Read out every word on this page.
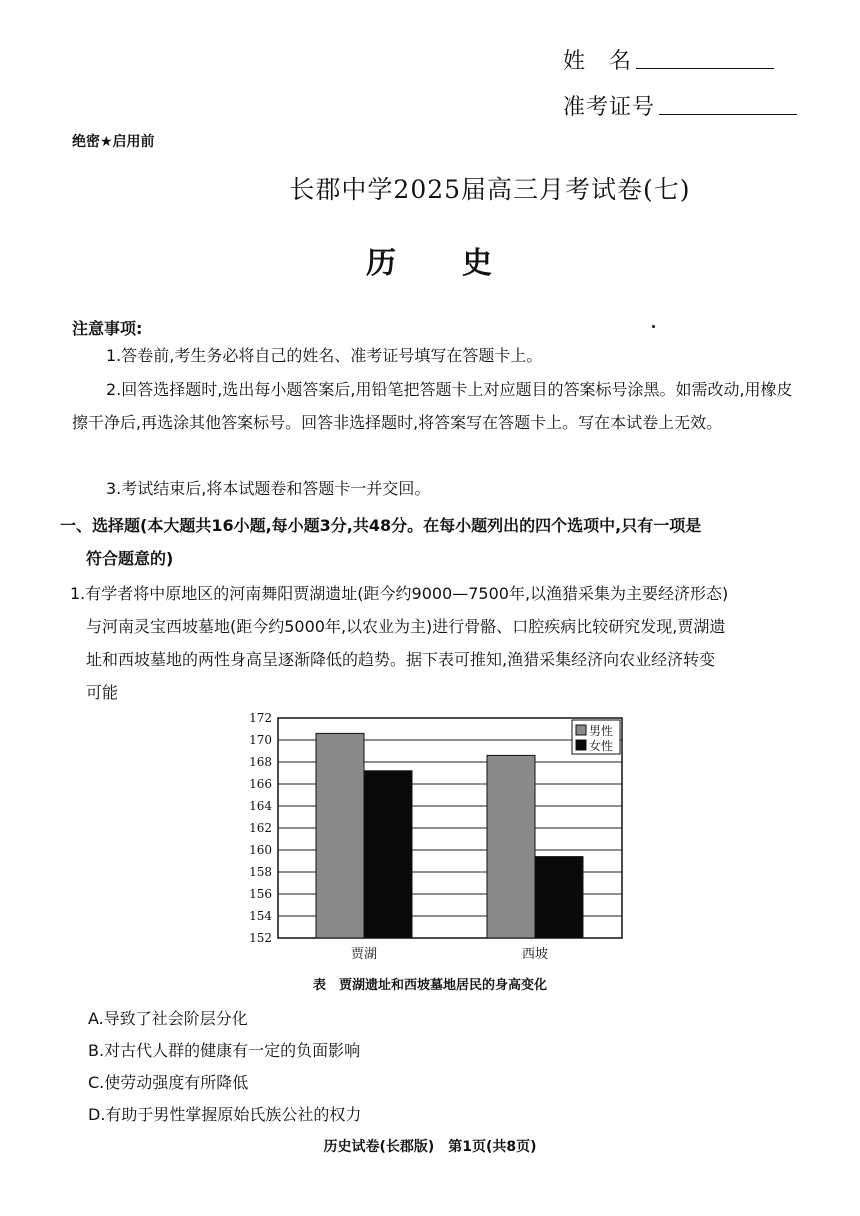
姓　名
准考证号
绝密★启用前
长郡中学2025届高三月考试卷(七)
历　　史
注意事项:
1.答卷前,考生务必将自己的姓名、准考证号填写在答题卡上。
2.回答选择题时,选出每小题答案后,用铅笔把答题卡上对应题目的答案标号涂黑。如需改动,用橡皮擦干净后,再选涂其他答案标号。回答非选择题时,将答案写在答题卡上。写在本试卷上无效。
3.考试结束后,将本试题卷和答题卡一并交回。
一、选择题(本大题共16小题,每小题3分,共48分。在每小题列出的四个选项中,只有一项是
符合题意的)
1.有学者将中原地区的河南舞阳贾湖遗址(距今约9000—7500年,以渔猎采集为主要经济形态)
与河南灵宝西坡墓地(距今约5000年,以农业为主)进行骨骼、口腔疾病比较研究发现,贾湖遗
址和西坡墓地的两性身高呈逐渐降低的趋势。据下表可推知,渔猎采集经济向农业经济转变
可能
152
154
156
158
160
162
164
166
168
170
172
贾湖	西坡
男性
女性
表　贾湖遗址和西坡墓地居民的身高变化
A.导致了社会阶层分化
B.对古代人群的健康有一定的负面影响
C.使劳动强度有所降低
D.有助于男性掌握原始氏族公社的权力
历史试卷(长郡版)　第1页(共8页)
